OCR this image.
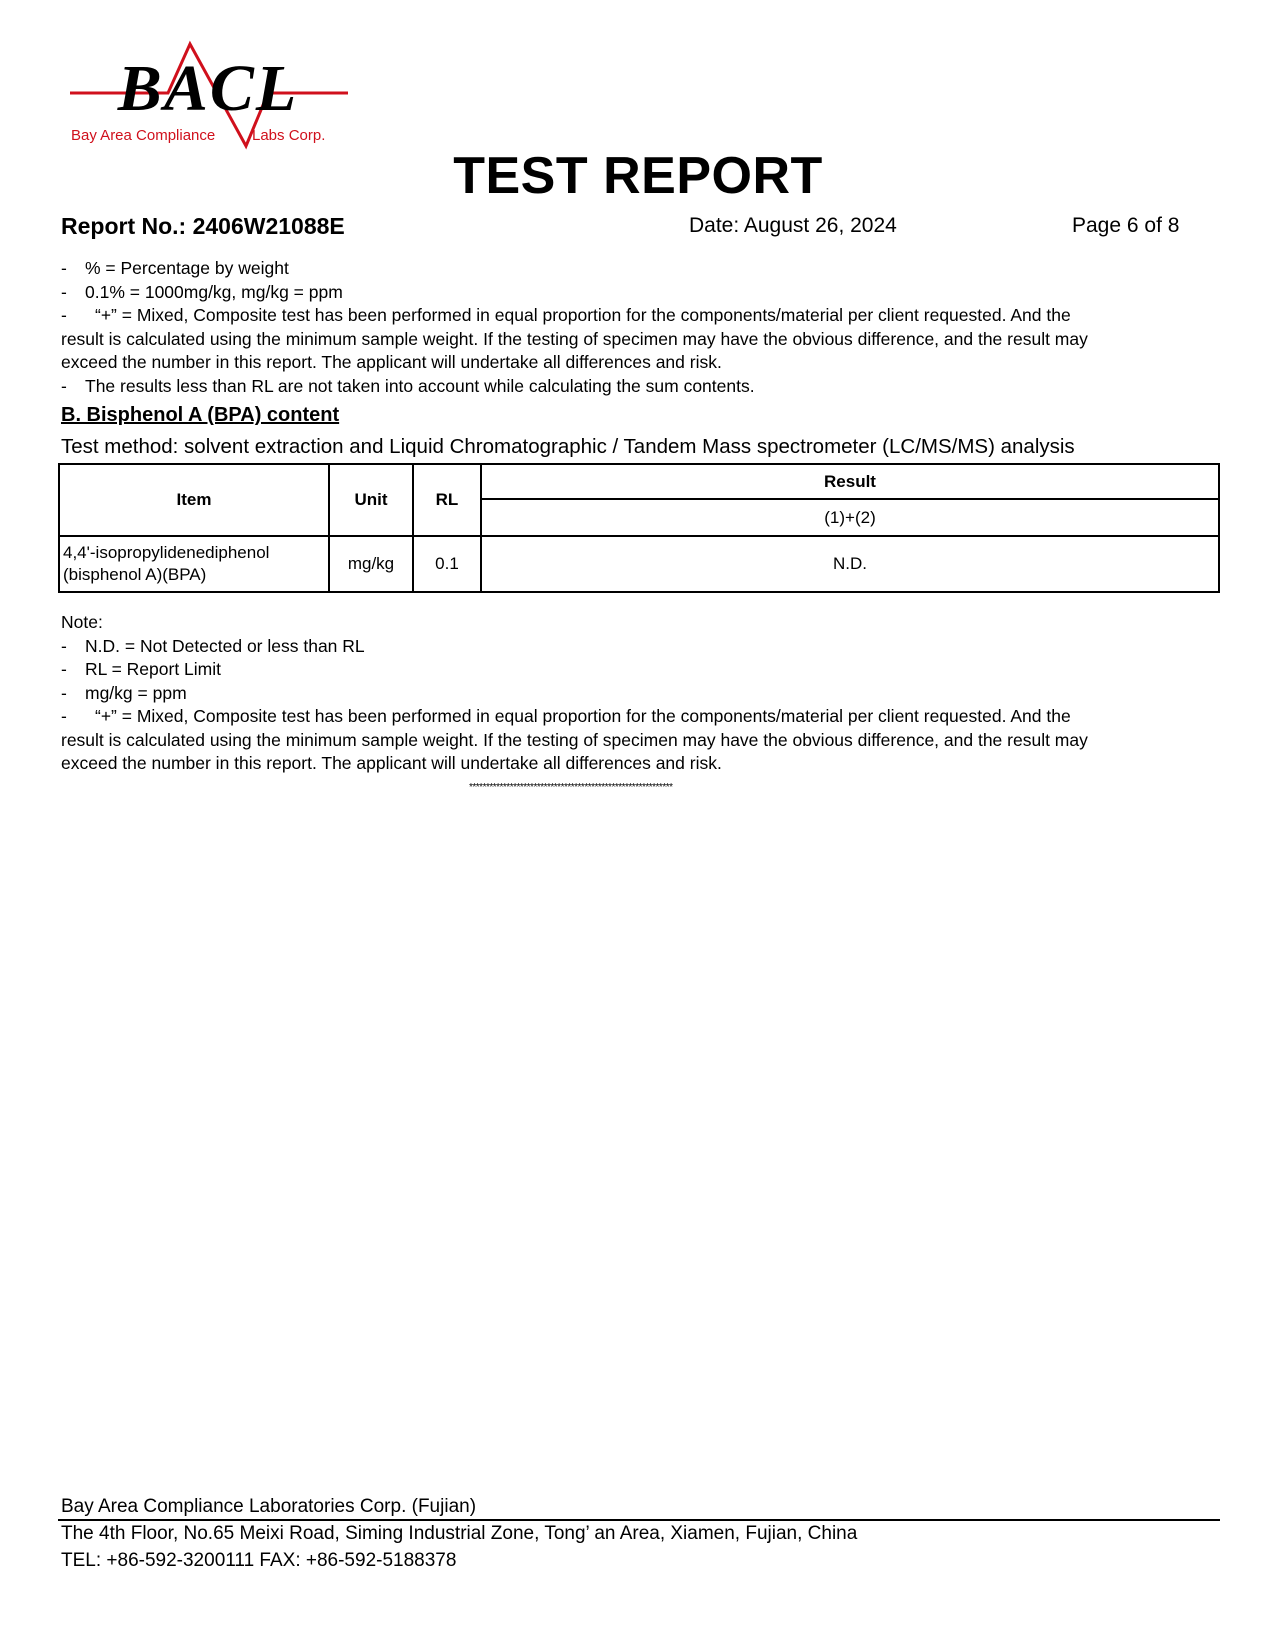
BACL
Bay Area Compliance Labs Corp.
TEST REPORT
Report No.: 2406W21088E	Date: August 26, 2024	Page 6 of 8
- % = Percentage by weight
- 0.1% = 1000mg/kg, mg/kg = ppm
- “+” = Mixed, Composite test has been performed in equal proportion for the components/material per client requested. And the
result is calculated using the minimum sample weight. If the testing of specimen may have the obvious difference, and the result may
exceed the number in this report. The applicant will undertake all differences and risk.
- The results less than RL are not taken into account while calculating the sum contents.
B. Bisphenol A (BPA) content
Test method: solvent extraction and Liquid Chromatographic / Tandem Mass spectrometer (LC/MS/MS) analysis
Item	Unit	RL	Result
			(1)+(2)

4,4'-isopropylidenediphenol
(bisphenol A)(BPA)	mg/kg	0.1	N.D.
Note:
- N.D. = Not Detected or less than RL
- RL = Report Limit
- mg/kg = ppm
- “+” = Mixed, Composite test has been performed in equal proportion for the components/material per client requested. And the
result is calculated using the minimum sample weight. If the testing of specimen may have the obvious difference, and the result may
exceed the number in this report. The applicant will undertake all differences and risk.
************************************************************
Bay Area Compliance Laboratories Corp. (Fujian)
The 4th Floor, No.65 Meixi Road, Siming Industrial Zone, Tong’ an Area, Xiamen, Fujian, China
TEL: +86-592-3200111 FAX: +86-592-5188378
